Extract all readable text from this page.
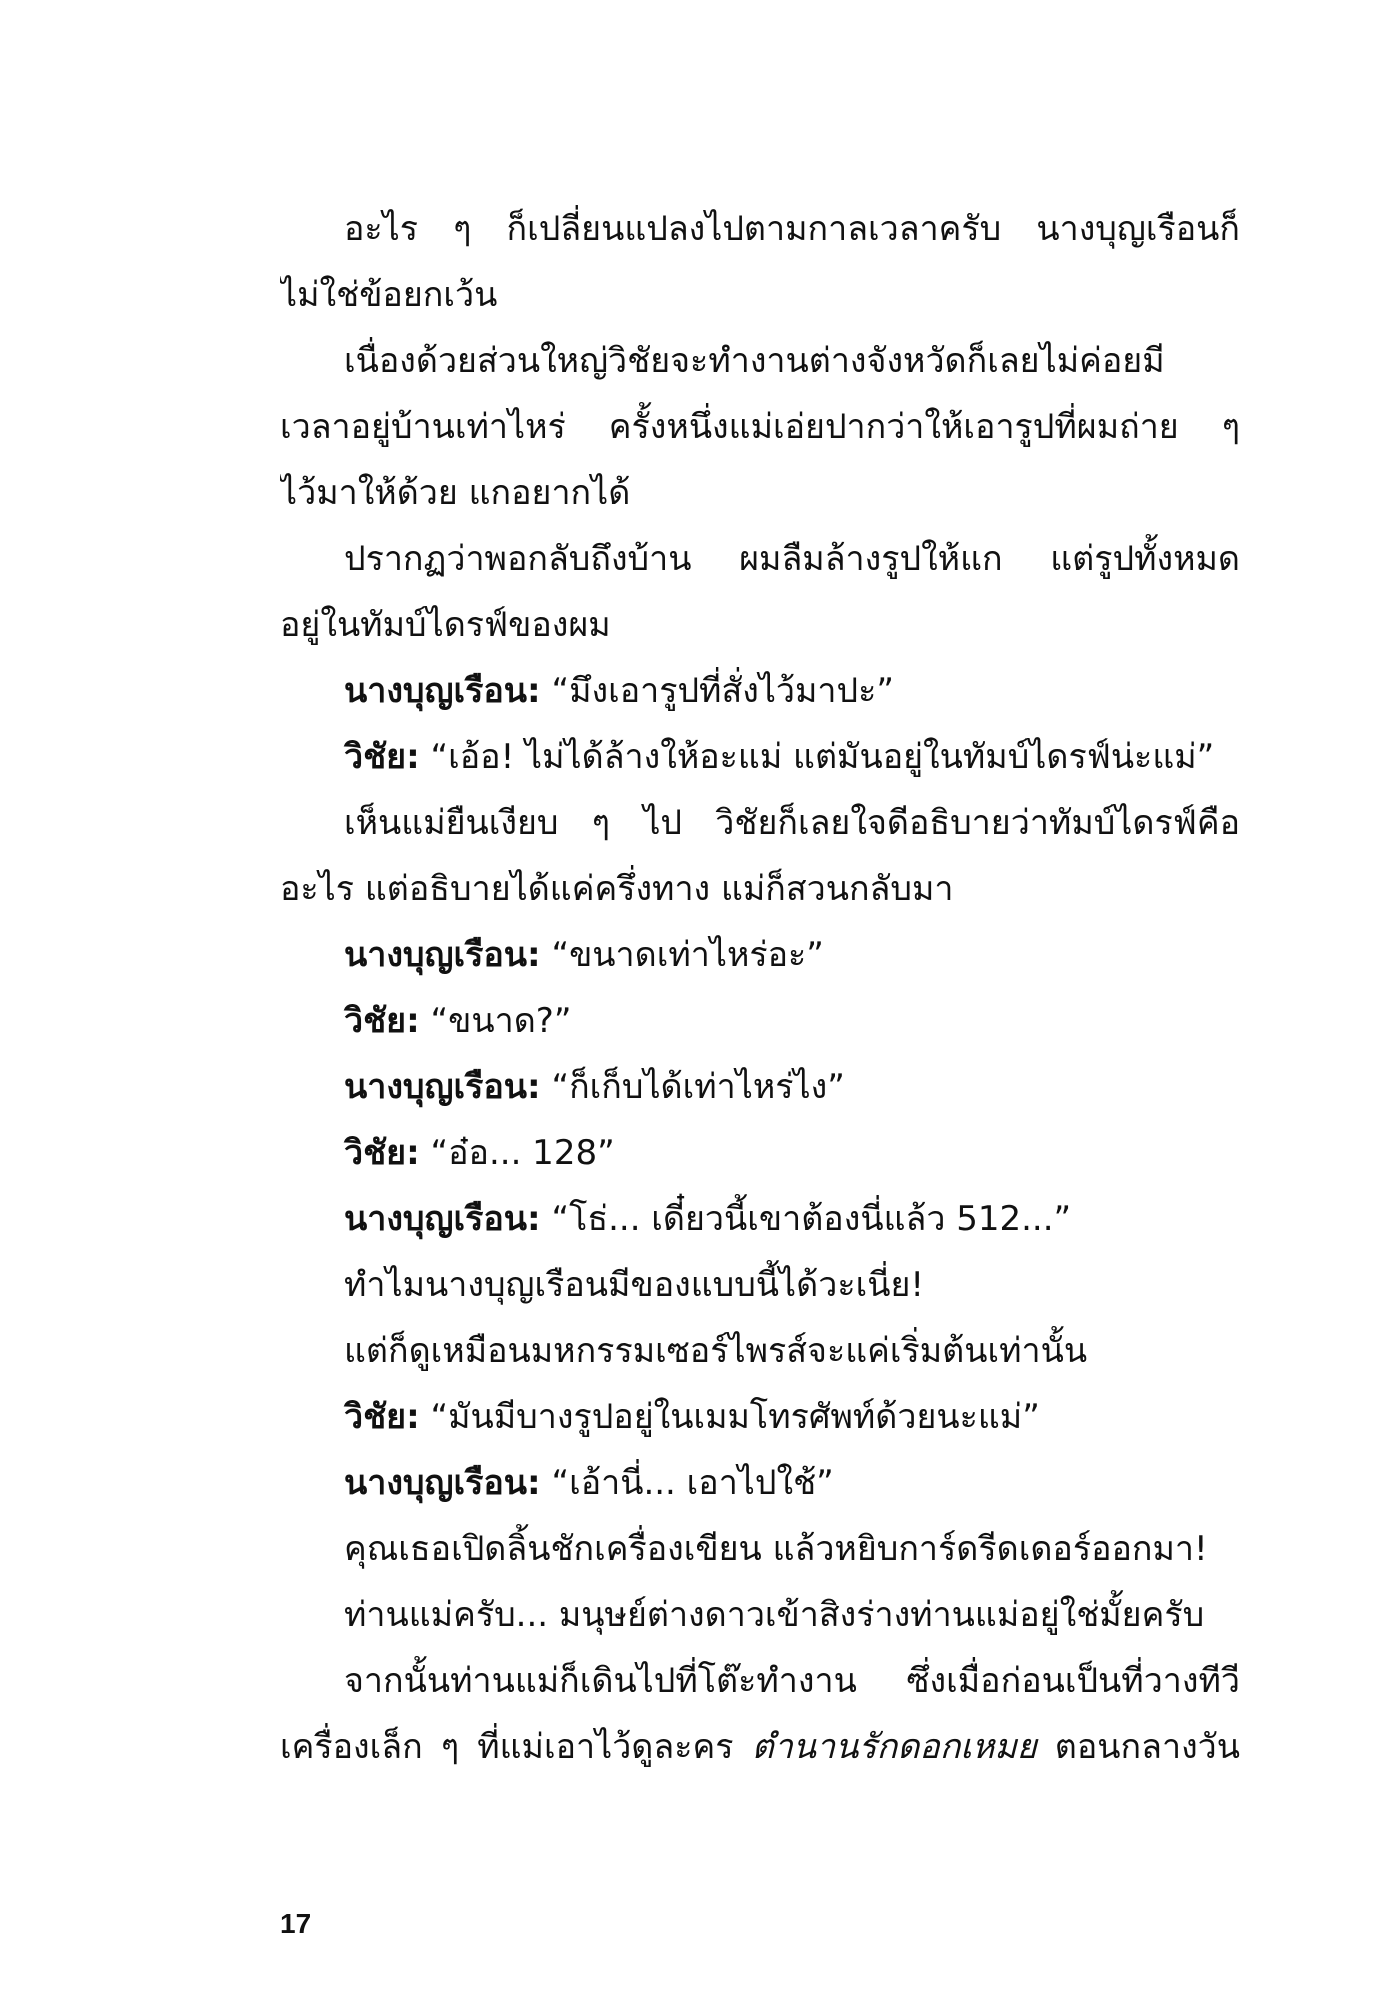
อะไร ๆ ก็เปลี่ยนแปลงไปตามกาลเวลาครับ นางบุญเรือนก็
ไม่ใช่ข้อยกเว้น
เนื่องด้วยส่วนใหญ่วิชัยจะทำงานต่างจังหวัดก็เลยไม่ค่อยมี
เวลาอยู่บ้านเท่าไหร่ ครั้งหนึ่งแม่เอ่ยปากว่าให้เอารูปที่ผมถ่าย ๆ
ไว้มาให้ด้วย แกอยากได้
ปรากฏว่าพอกลับถึงบ้าน ผมลืมล้างรูปให้แก แต่รูปทั้งหมด
อยู่ในทัมบ์ไดรฟ์ของผม
นางบุญเรือน: “มึงเอารูปที่สั่งไว้มาปะ”
วิชัย: “เอ้อ! ไม่ได้ล้างให้อะแม่ แต่มันอยู่ในทัมบ์ไดรฟ์น่ะแม่”
เห็นแม่ยืนเงียบ ๆ ไป วิชัยก็เลยใจดีอธิบายว่าทัมบ์ไดรฟ์คือ
อะไร แต่อธิบายได้แค่ครึ่งทาง แม่ก็สวนกลับมา
นางบุญเรือน: “ขนาดเท่าไหร่อะ”
วิชัย: “ขนาด?”
นางบุญเรือน: “ก็เก็บได้เท่าไหร่ไง”
วิชัย: “อ๋อ... 128”
นางบุญเรือน: “โธ่... เดี๋ยวนี้เขาต้องนี่แล้ว 512...”
ทำไมนางบุญเรือนมีของแบบนี้ได้วะเนี่ย!
แต่ก็ดูเหมือนมหกรรมเซอร์ไพรส์จะแค่เริ่มต้นเท่านั้น
วิชัย: “มันมีบางรูปอยู่ในเมมโทรศัพท์ด้วยนะแม่”
นางบุญเรือน: “เอ้านี่... เอาไปใช้”
คุณเธอเปิดลิ้นชักเครื่องเขียน แล้วหยิบการ์ดรีดเดอร์ออกมา!
ท่านแม่ครับ... มนุษย์ต่างดาวเข้าสิงร่างท่านแม่อยู่ใช่มั้ยครับ
จากนั้นท่านแม่ก็เดินไปที่โต๊ะทำงาน ซึ่งเมื่อก่อนเป็นที่วางทีวี
เครื่องเล็ก ๆ ที่แม่เอาไว้ดูละคร ตำนานรักดอกเหมย ตอนกลางวัน
17
